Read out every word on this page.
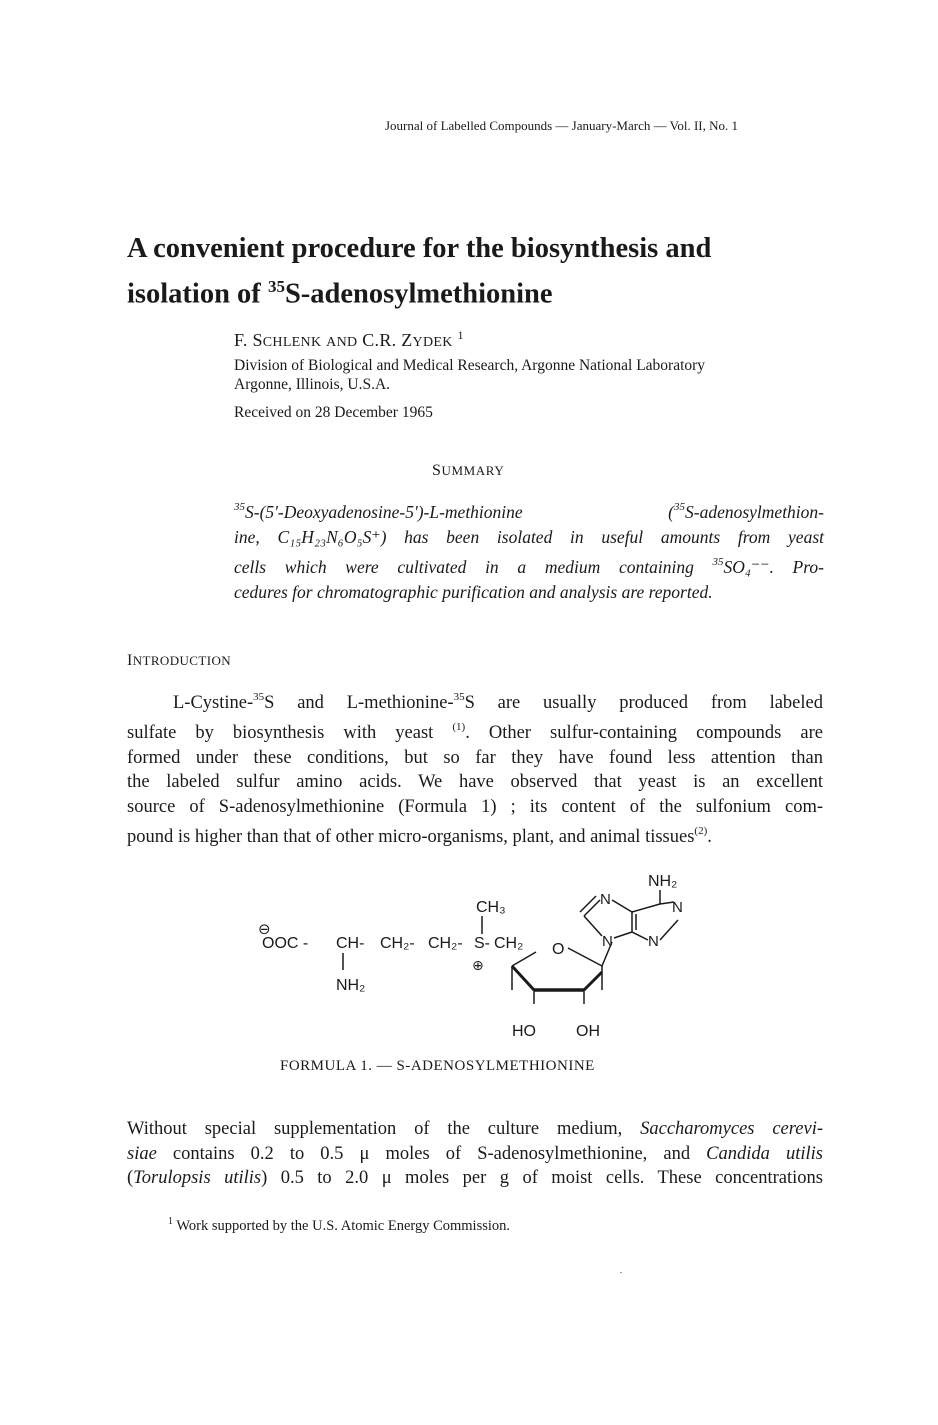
Journal of Labelled Compounds — January-March — Vol. II, No. 1
A convenient procedure for the biosynthesis and
isolation of $^{35}$S-adenosylmethionine
F. SCHLENK AND C.R. ZYDEK $^1$
Division of Biological and Medical Research, Argonne National Laboratory
Argonne, Illinois, U.S.A.
Received on 28 December 1965
SUMMARY
$^{35}$S-(5'-Deoxyadenosine-5')-L-methionine ($^{35}$S-adenosylmethion-
ine, C₁₅H₂₃N₆O₅S⁺) has been isolated in useful amounts from yeast
cells which were cultivated in a medium containing $^{35}$SO₄⁻⁻. Pro-
cedures for chromatographic purification and analysis are reported.
INTRODUCTION
L-Cystine-$^{35}$S and L-methionine-$^{35}$S are usually produced from labeled
sulfate by biosynthesis with yeast $^{(1)}$. Other sulfur-containing compounds are
formed under these conditions, but so far they have found less attention than
the labeled sulfur amino acids. We have observed that yeast is an excellent
source of S-adenosylmethionine (Formula 1) ; its content of the sulfonium com-
pound is higher than that of other micro-organisms, plant, and animal tissues$^{(2)}$.
⊖
OOC - CH- CH₂- CH₂- S- CH₂ O
⊕
CH₃
NH₂
HO	OH
NH₂
N	N
N N
FORMULA 1. — S-ADENOSYLMETHIONINE
Without special supplementation of the culture medium, Saccharomyces cerevi-
siae contains 0.2 to 0.5 μ moles of S-adenosylmethionine, and Candida utilis
(Torulopsis utilis) 0.5 to 2.0 μ moles per g of moist cells. These concentrations
$^1$ Work supported by the U.S. Atomic Energy Commission.
